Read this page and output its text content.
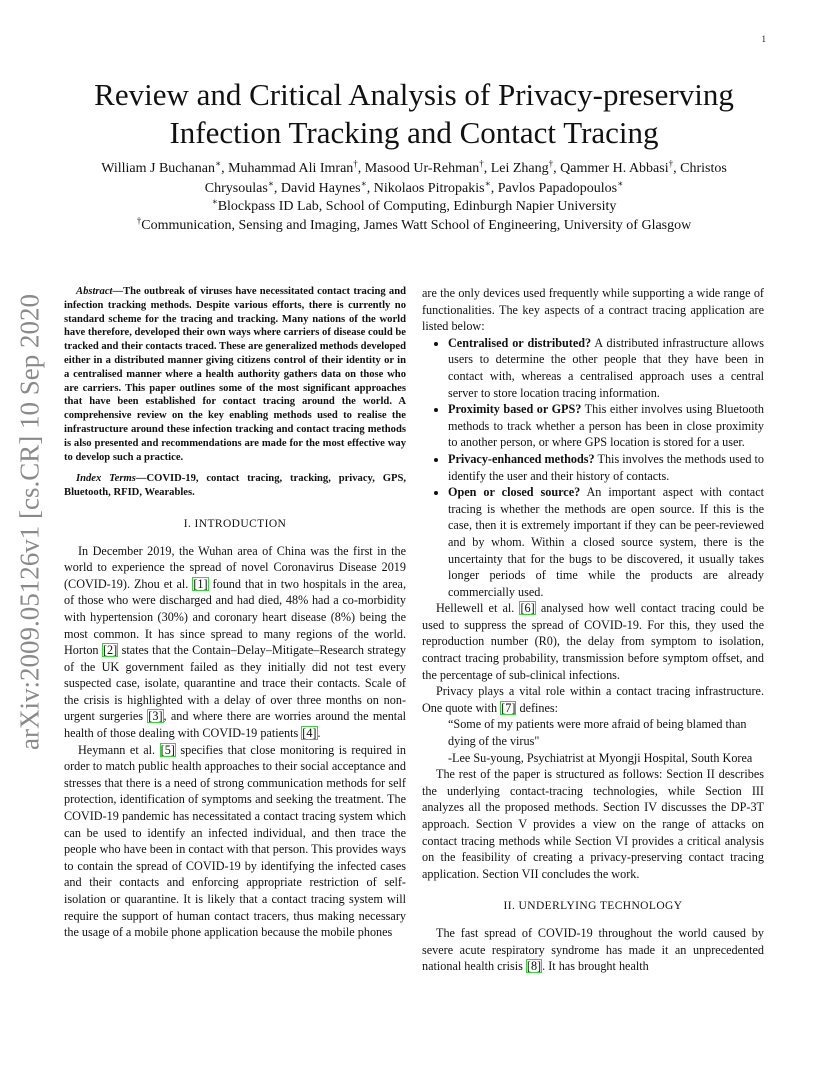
1
arXiv:2009.05126v1 [cs.CR] 10 Sep 2020
Review and Critical Analysis of Privacy-preserving
Infection Tracking and Contact Tracing
William J Buchanan∗, Muhammad Ali Imran†, Masood Ur-Rehman†, Lei Zhang†, Qammer H. Abbasi†, Christos Chrysoulas∗, David Haynes∗, Nikolaos Pitropakis∗, Pavlos Papadopoulos∗
∗Blockpass ID Lab, School of Computing, Edinburgh Napier University
†Communication, Sensing and Imaging, James Watt School of Engineering, University of Glasgow

Abstract—The outbreak of viruses have necessitated contact tracing and infection tracking methods. Despite various efforts, there is currently no standard scheme for the tracing and tracking. Many nations of the world have therefore, developed their own ways where carriers of disease could be tracked and their contacts traced. These are generalized methods developed either in a distributed manner giving citizens control of their identity or in a centralised manner where a health authority gathers data on those who are carriers. This paper outlines some of the most significant approaches that have been established for contact tracing around the world. A comprehensive review on the key enabling methods used to realise the infrastructure around these infection tracking and contact tracing methods is also presented and recommendations are made for the most effective way to develop such a practice.

Index Terms—COVID-19, contact tracing, tracking, privacy, GPS, Bluetooth, RFID, Wearables.

I. INTRODUCTION

In December 2019, the Wuhan area of China was the first in the world to experience the spread of novel Coronavirus Disease 2019 (COVID-19). Zhou et al. [1] found that in two hospitals in the area, of those who were discharged and had died, 48% had a co-morbidity with hypertension (30%) and coronary heart disease (8%) being the most common. It has since spread to many regions of the world. Horton [2] states that the Contain–Delay–Mitigate–Research strategy of the UK government failed as they initially did not test every suspected case, isolate, quarantine and trace their contacts. Scale of the crisis is highlighted with a delay of over three months on non-urgent surgeries [3], and where there are worries around the mental health of those dealing with COVID-19 patients [4].

Heymann et al. [5] specifies that close monitoring is required in order to match public health approaches to their social acceptance and stresses that there is a need of strong communication methods for self protection, identification of symptoms and seeking the treatment. The COVID-19 pandemic has necessitated a contact tracing system which can be used to identify an infected individual, and then trace the people who have been in contact with that person. This provides ways to contain the spread of COVID-19 by identifying the infected cases and their contacts and enforcing appropriate restriction of self-isolation or quarantine. It is likely that a contact tracing system will require the support of human contact tracers, thus making necessary the usage of a mobile phone application because the mobile phones

are the only devices used frequently while supporting a wide range of functionalities. The key aspects of a contract tracing application are listed below:

• Centralised or distributed? A distributed infrastructure allows users to determine the other people that they have been in contact with, whereas a centralised approach uses a central server to store location tracing information.
• Proximity based or GPS? This either involves using Bluetooth methods to track whether a person has been in close proximity to another person, or where GPS location is stored for a user.
• Privacy-enhanced methods? This involves the methods used to identify the user and their history of contacts.
• Open or closed source? An important aspect with contact tracing is whether the methods are open source. If this is the case, then it is extremely important if they can be peer-reviewed and by whom. Within a closed source system, there is the uncertainty that for the bugs to be discovered, it usually takes longer periods of time while the products are already commercially used.

Hellewell et al. [6] analysed how well contact tracing could be used to suppress the spread of COVID-19. For this, they used the reproduction number (R0), the delay from symptom to isolation, contract tracing probability, transmission before symptom offset, and the percentage of sub-clinical infections.

Privacy plays a vital role within a contact tracing infrastructure. One quote with [7] defines:

“Some of my patients were more afraid of being blamed than dying of the virus"

-Lee Su-young, Psychiatrist at Myongji Hospital, South Korea

The rest of the paper is structured as follows: Section II describes the underlying contact-tracing technologies, while Section III analyzes all the proposed methods. Section IV discusses the DP-3T approach. Section V provides a view on the range of attacks on contact tracing methods while Section VI provides a critical analysis on the feasibility of creating a privacy-preserving contact tracing application. Section VII concludes the work.

II. UNDERLYING TECHNOLOGY

The fast spread of COVID-19 throughout the world caused by severe acute respiratory syndrome has made it an unprecedented national health crisis [8]. It has brought health
